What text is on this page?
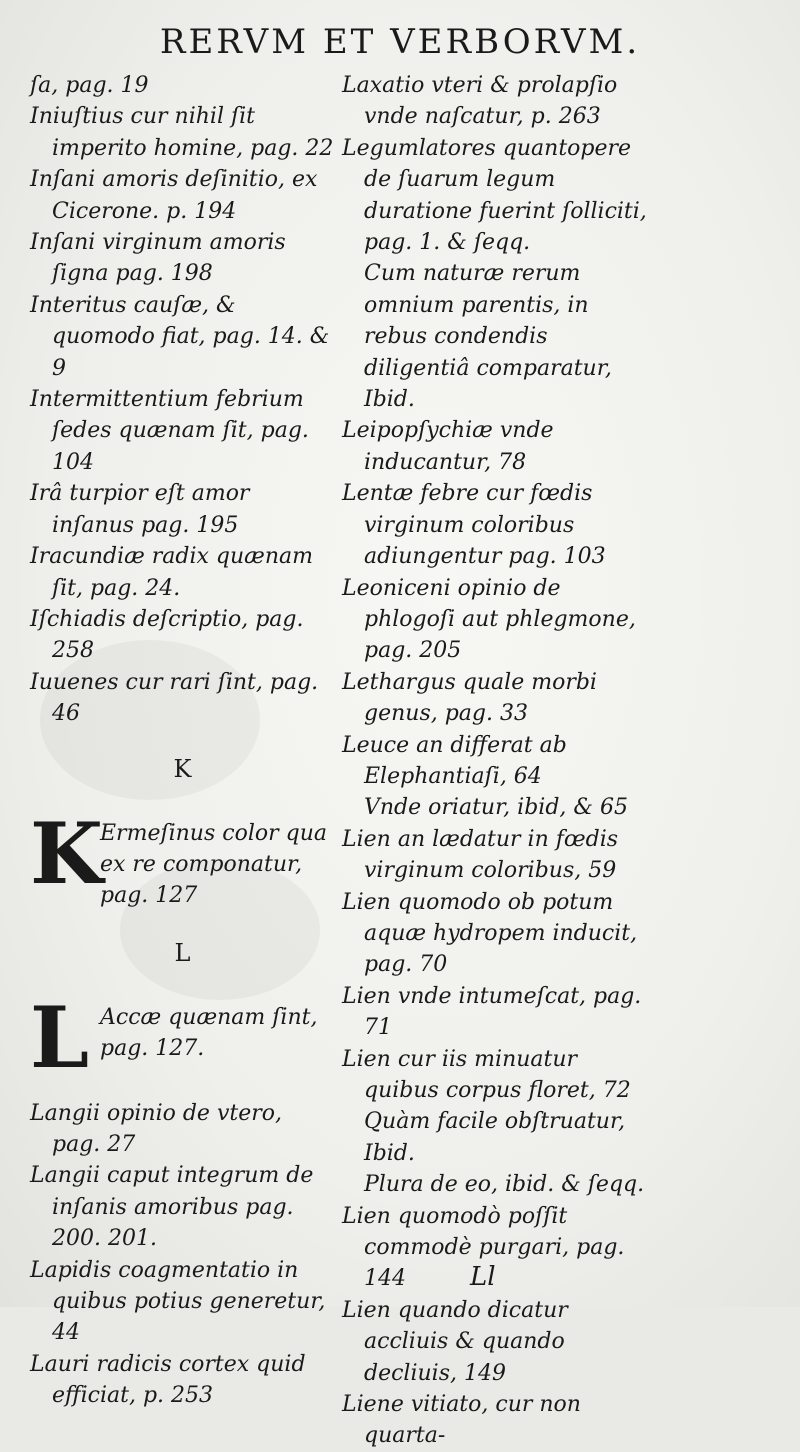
RERVM ET VERBORVM.

ſa, pag. 19

Iniuſtius cur nihil ſit imperito homine, pag. 22

Inſani amoris deſinitio, ex Cicerone. p. 194

Inſani virginum amoris ſigna pag. 198

Interitus cauſæ, & quomodo fiat, pag. 14. & 9

Intermittentium febrium ſedes quænam ſit, pag. 104

Irâ turpior eſt amor inſanus pag. 195

Iracundiæ radix quænam ſit, pag. 24.

Iſchiadis deſcriptio, pag. 258

Iuuenes cur rari ſint, pag. 46

K
K
Ermeſinus color qua ex re componatur, pag. 127
L
L Accæ quænam ſint, pag. 127.

Langii opinio de vtero, pag. 27

Langii caput integrum de inſanis amoribus pag. 200. 201.

Lapidis coagmentatio in quibus potius generetur, 44

Lauri radicis cortex quid efficiat, p. 253

Laxatio vteri & prolapſio vnde naſcatur, p. 263

Legumlatores quantopere de ſuarum legum duratione fuerint ſolliciti, pag. 1. & ſeqq.

Cum naturæ rerum omnium parentis, in rebus condendis diligentiâ comparatur, Ibid.

Leipopſychiæ vnde inducantur, 78

Lentæ febre cur fœdis virginum coloribus adiungentur pag. 103

Leoniceni opinio de phlogoſi aut phlegmone, pag. 205

Lethargus quale morbi genus, pag. 33

Leuce an differat ab Elephantiaſi, 64

Vnde oriatur, ibid, & 65

Lien an lædatur in fœdis virginum coloribus, 59

Lien quomodo ob potum aquæ hydropem inducit, pag. 70

Lien vnde intumeſcat, pag. 71

Lien cur iis minuatur quibus corpus floret, 72

Quàm facile obſtruatur, Ibid.

Plura de eo, ibid. & ſeqq.

Lien quomodò poſſit commodè purgari, pag. 144

Lien quando dicatur accliuis & quando decliuis, 149

Liene vitiato, cur non quarta-

Ll
